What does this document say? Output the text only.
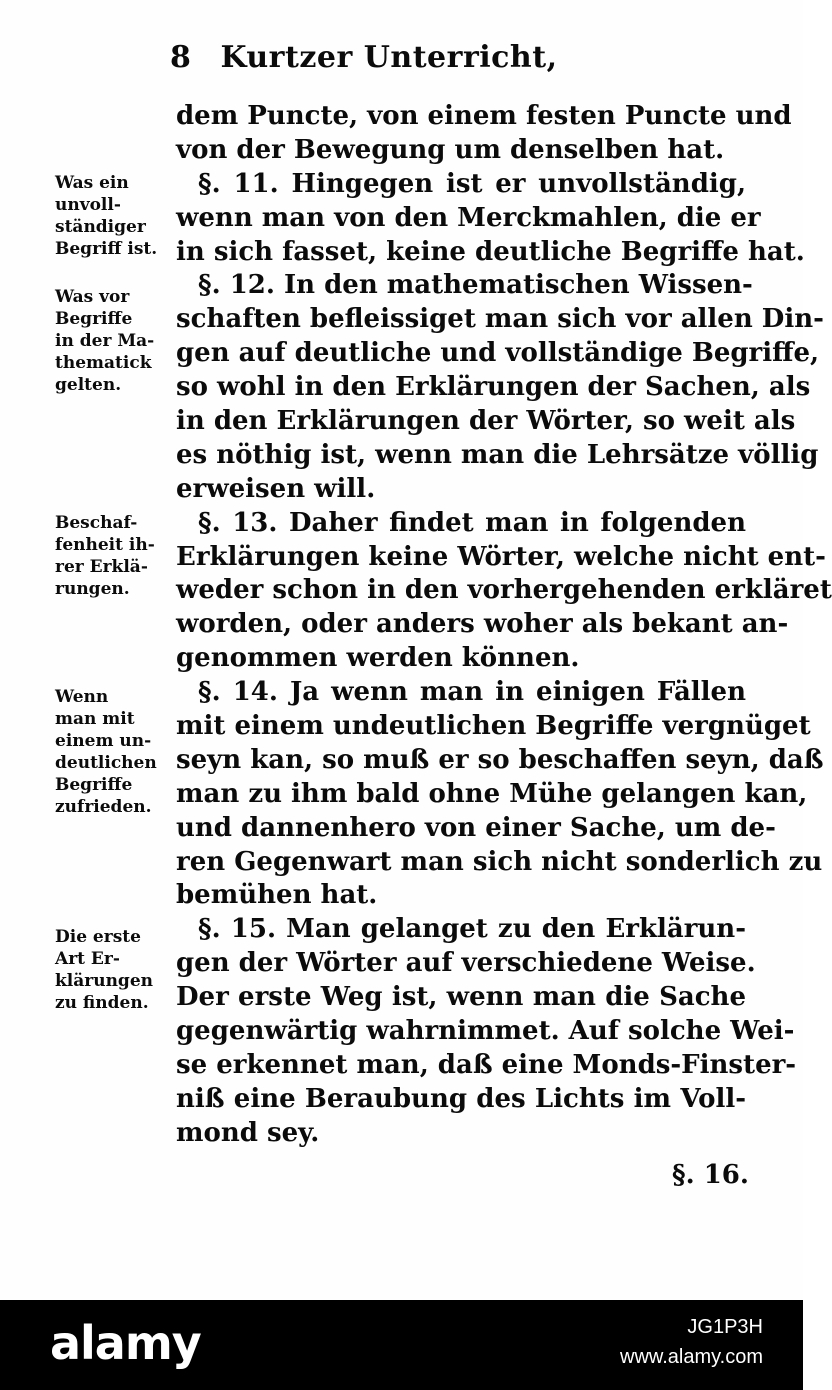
8 Kurtzer Unterricht,
dem Puncte, von einem festen Puncte und
von der Bewegung um denselben hat.
§. 11. Hingegen ist er unvollständig,
wenn man von den Merckmahlen, die er
in sich fasset, keine deutliche Begriffe hat.
§. 12. In den mathematischen Wissen-
schaften befleissiget man sich vor allen Din-
gen auf deutliche und vollständige Begriffe,
so wohl in den Erklärungen der Sachen, als
in den Erklärungen der Wörter, so weit als
es nöthig ist, wenn man die Lehrsätze völlig
erweisen will.
§. 13. Daher findet man in folgenden
Erklärungen keine Wörter, welche nicht ent-
weder schon in den vorhergehenden erkläret
worden, oder anders woher als bekant an-
genommen werden können.
§. 14. Ja wenn man in einigen Fällen
mit einem undeutlichen Begriffe vergnüget
seyn kan, so muß er so beschaffen seyn, daß
man zu ihm bald ohne Mühe gelangen kan,
und dannenhero von einer Sache, um de-
ren Gegenwart man sich nicht sonderlich zu
bemühen hat.
§. 15. Man gelanget zu den Erklärun-
gen der Wörter auf verschiedene Weise.
Der erste Weg ist, wenn man die Sache
gegenwärtig wahrnimmet. Auf solche Wei-
se erkennet man, daß eine Monds-Finster-
niß eine Beraubung des Lichts im Voll-
mond sey.
Was ein
unvoll-
ständiger
Begriff ist.
Was vor
Begriffe
in der Ma-
thematick
gelten.
Beschaf-
fenheit ih-
rer Erklä-
rungen.
Wenn
man mit
einem un-
deutlichen
Begriffe
zufrieden.
Die erste
Art Er-
klärungen
zu finden.
§. 16.
alamy	JG1P3H
www.alamy.com
